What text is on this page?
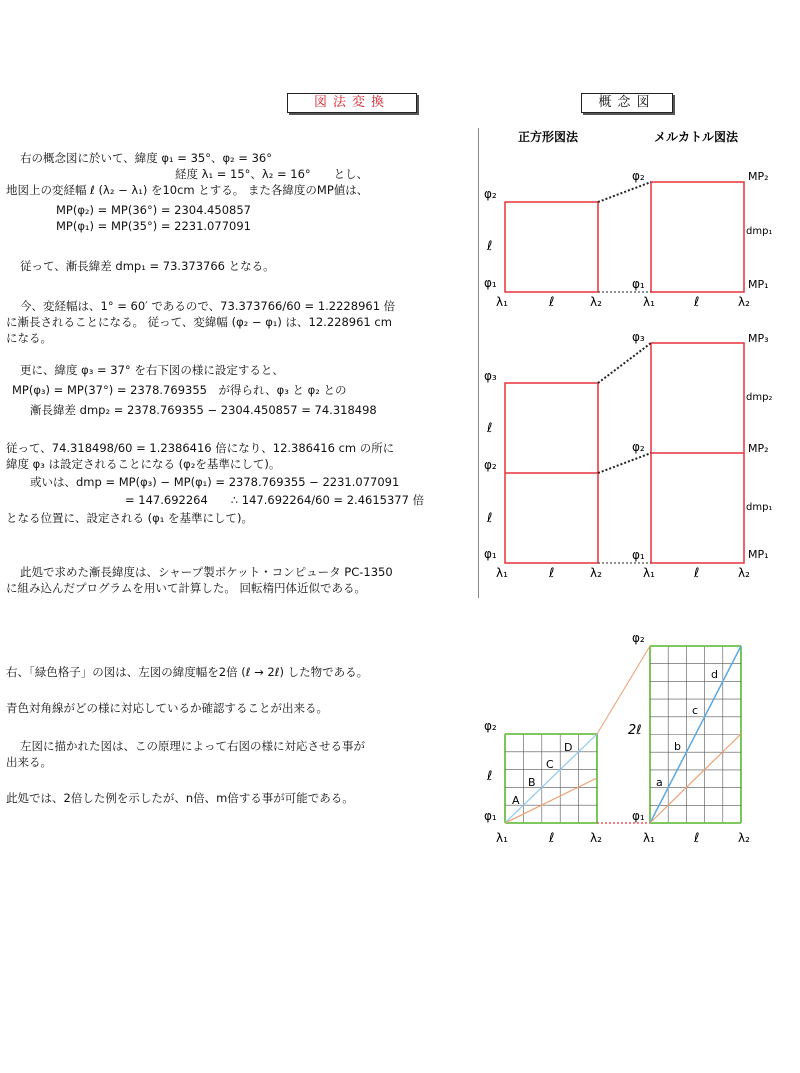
図法変換	概念図
右の概念図に於いて、緯度 φ₁ = 35°、φ₂ = 36°
経度 λ₁ = 15°、λ₂ = 16°　　とし、
地図上の変経幅 ℓ (λ₂ − λ₁) を10cm とする。 また各緯度のMP値は、
MP(φ₂) = MP(36°) = 2304.450857
MP(φ₁) = MP(35°) = 2231.077091
従って、漸長緯差 dmp₁ = 73.373766 となる。
今、変経幅は、1° = 60′ であるので、73.373766/60 = 1.2228961 倍
に漸長されることになる。 従って、変緯幅 (φ₂ − φ₁) は、12.228961 cm
になる。
更に、緯度 φ₃ = 37° を右下図の様に設定すると、
MP(φ₃) = MP(37°) = 2378.769355　が得られ、φ₃ と φ₂ との
漸長緯差 dmp₂ = 2378.769355 − 2304.450857 = 74.318498
従って、74.318498/60 = 1.2386416 倍になり、12.386416 cm の所に
緯度 φ₃ は設定されることになる (φ₂を基準にして)。
或いは、dmp = MP(φ₃) − MP(φ₁) = 2378.769355 − 2231.077091
= 147.692264　　∴ 147.692264/60 = 2.4615377 倍
となる位置に、設定される (φ₁ を基準にして)。
此処で求めた漸長緯度は、シャープ製ポケット・コンピュータ PC-1350
に組み込んだプログラムを用いて計算した。 回転楕円体近似である。
右、「緑色格子」の図は、左図の緯度幅を2倍 (ℓ → 2ℓ) した物である。
青色対角線がどの様に対応しているか確認することが出来る。
左図に描かれた図は、この原理によって右図の様に対応させる事が
出来る。
此処では、2倍した例を示したが、n倍、m倍する事が可能である。
正方形図法	メルカトル図法
φ₂
ℓ
φ₁
λ₁	ℓ	λ₂
φ₂
φ₁
λ₁	ℓ	λ₂
MP₂
dmp₁
MP₁
φ₃
ℓ
φ₂
ℓ
φ₁
λ₁	ℓ	λ₂
φ₃
φ₂
φ₁
λ₁	ℓ	λ₂
MP₃
dmp₂
MP₂
dmp₁
MP₁
A
B
C
D
a
b
c
d
φ₂
ℓ
φ₁
λ₁	ℓ	λ₂
φ₂
2ℓ
φ₁
λ₁	ℓ	λ₂
